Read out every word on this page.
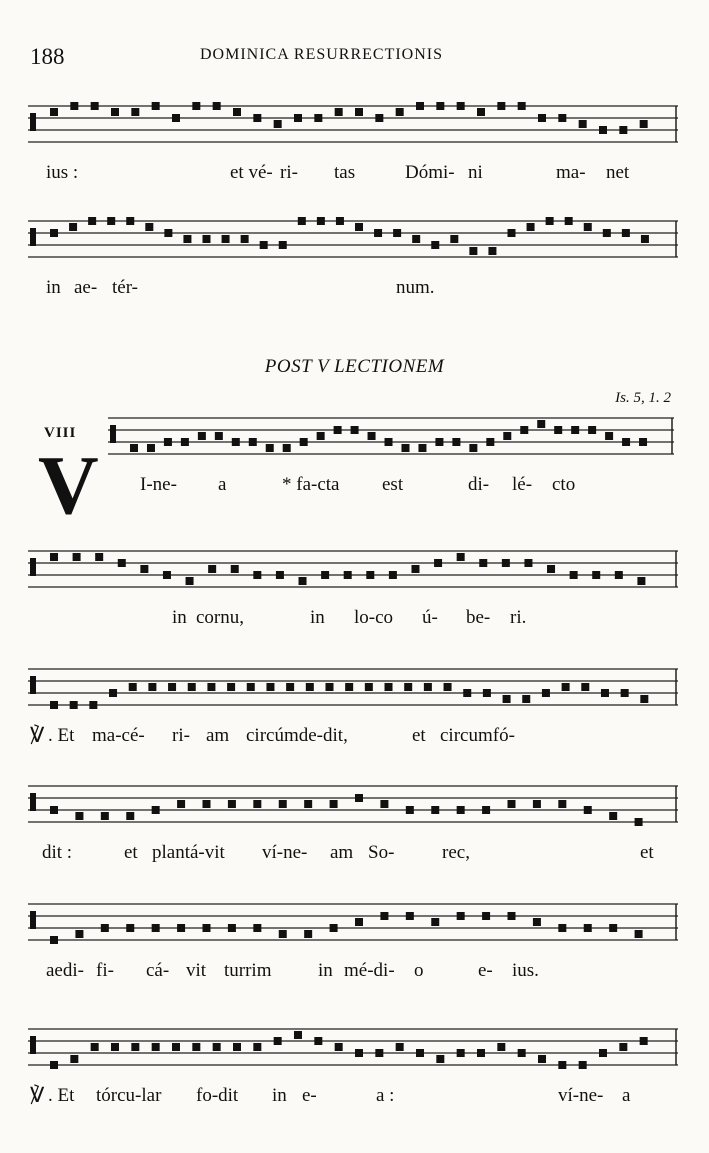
188	DOMINICA RESURRECTIONIS
ius :	et vé- ri- tas	Dómi- ni	ma- net
in ae- tér-	num.
POST V LECTIONEM
Is. 5, 1. 2
VIII
V I-ne- a	* fa-cta est	di- lé- cto
in cornu,	in lo-co ú- be- ri.
℣ . Et ma-cé- ri- am circúmde-dit,	et circumfó-
dit :	et plantá-vit ví-ne- am So-	rec,	et
aedi- fi- cá- vit turrim in mé-di- o	e- ius.
℣ . Et tórcu-lar fo-dit in e-	a :	ví-ne- a
